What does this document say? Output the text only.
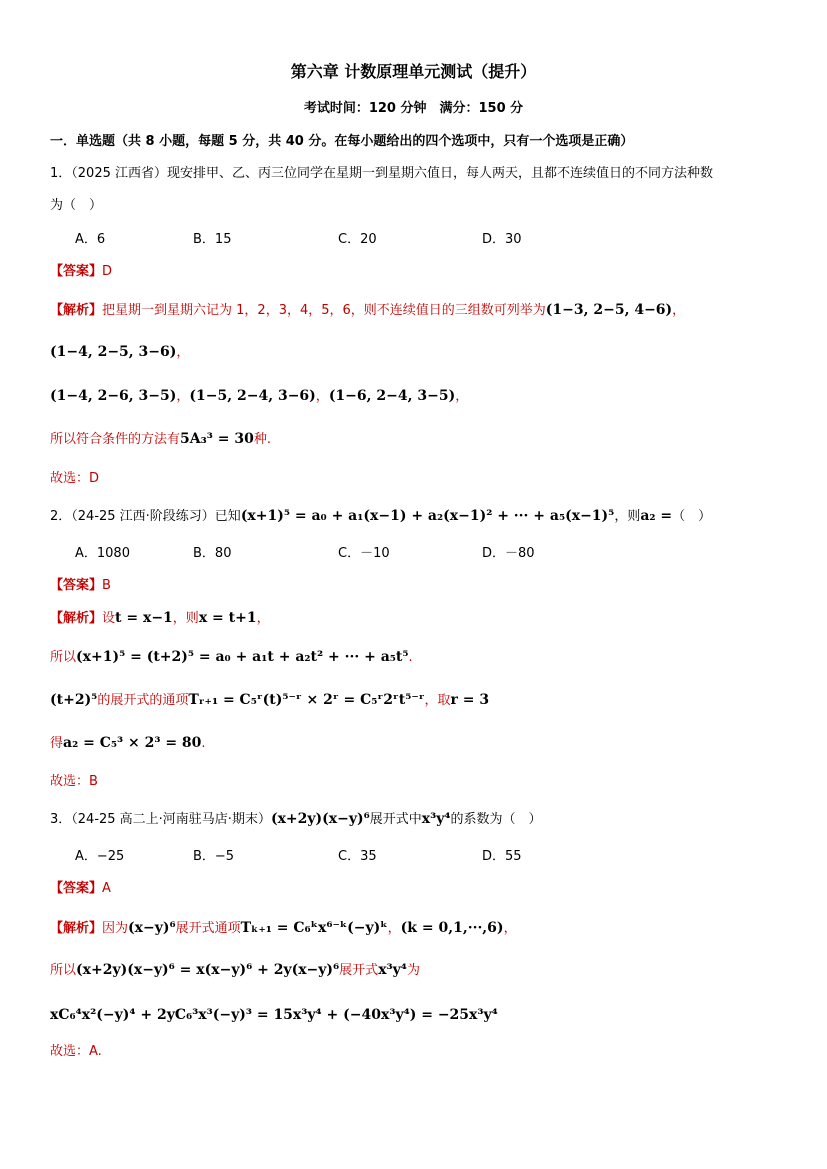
第六章 计数原理单元测试（提升）
考试时间：120 分钟　满分：150 分
一．单选题（共 8 小题，每题 5 分，共 40 分。在每小题给出的四个选项中，只有一个选项是正确）
1．（2025 江西省）现安排甲、乙、丙三位同学在星期一到星期六值日，每人两天，且都不连续值日的不同方法种数
为（　）
A．6	B．15	C．20	D．30
【答案】D
【解析】把星期一到星期六记为 1，2，3，4，5，6，则不连续值日的三组数可列举为(1−3, 2−5, 4−6)，
(1−4, 2−5, 3−6)，
(1−4, 2−6, 3−5)，(1−5, 2−4, 3−6)，(1−6, 2−4, 3−5)，
所以符合条件的方法有5A₃³ = 30种.
故选：D
2．（24-25 江西·阶段练习）已知(x+1)⁵ = a₀ + a₁(x−1) + a₂(x−1)² + ··· + a₅(x−1)⁵，则a₂ =（　）
A．1080	B．80	C．－10	D．－80
【答案】B
【解析】设t = x−1，则x = t+1，
所以(x+1)⁵ = (t+2)⁵ = a₀ + a₁t + a₂t² + ··· + a₅t⁵.
(t+2)⁵的展开式的通项Tᵣ₊₁ = C₅ʳ(t)⁵⁻ʳ × 2ʳ = C₅ʳ2ʳt⁵⁻ʳ，取r = 3
得a₂ = C₅³ × 2³ = 80.
故选：B
3．（24-25 高二上·河南驻马店·期末）(x+2y)(x−y)⁶展开式中x³y⁴的系数为（　）
A．−25	B．−5	C．35	D．55
【答案】A
【解析】因为(x−y)⁶展开式通项Tₖ₊₁ = C₆ᵏx⁶⁻ᵏ(−y)ᵏ，(k = 0,1,···,6)，
所以(x+2y)(x−y)⁶ = x(x−y)⁶ + 2y(x−y)⁶展开式x³y⁴为
xC₆⁴x²(−y)⁴ + 2yC₆³x³(−y)³ = 15x³y⁴ + (−40x³y⁴) = −25x³y⁴
故选：A.
